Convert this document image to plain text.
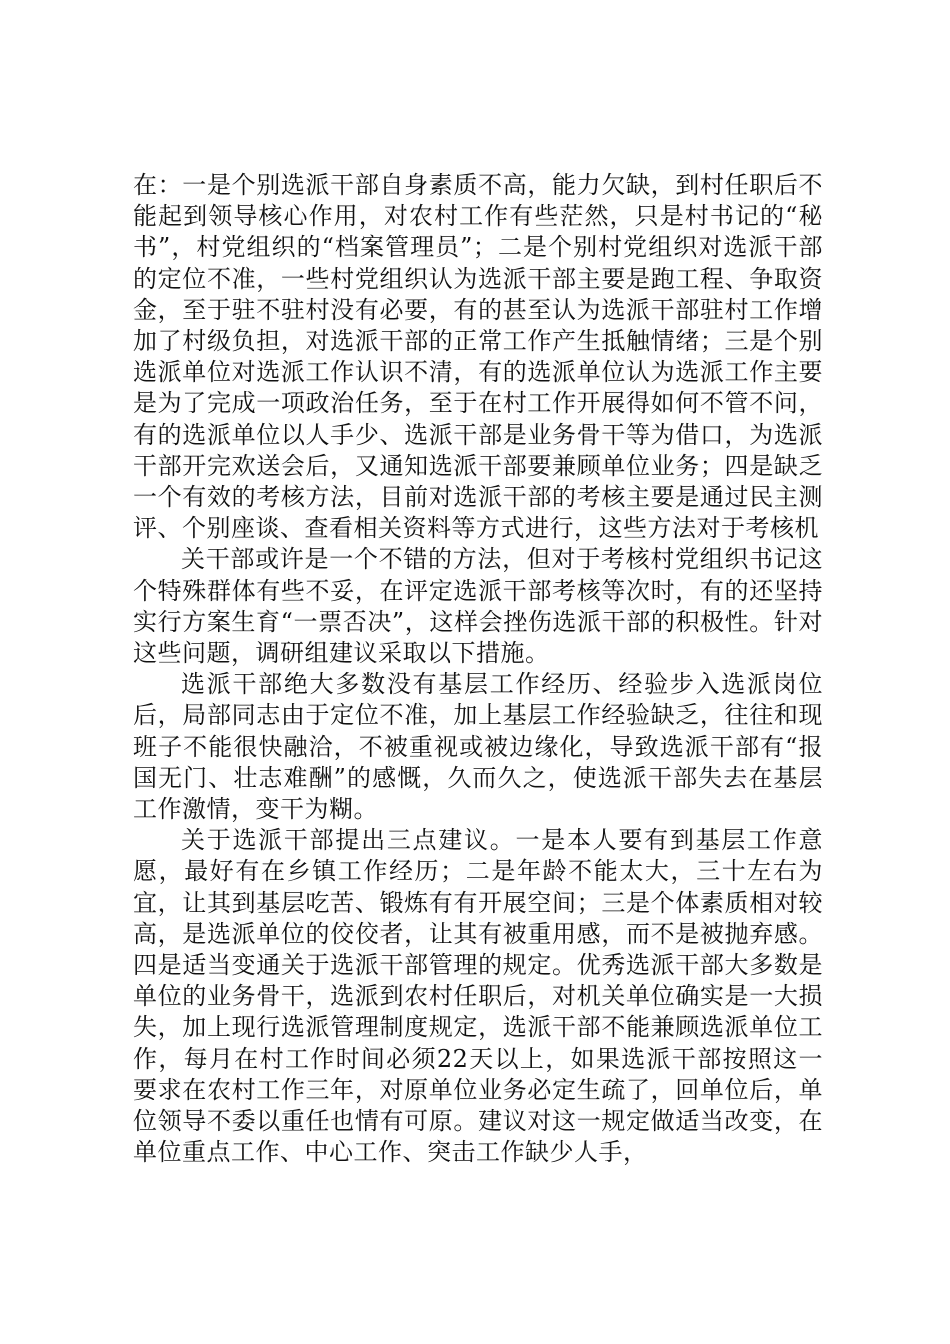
在：一是个别选派干部自身素质不高，能力欠缺，到村任职后不能起到领导核心作用，对农村工作有些茫然，只是村书记的“秘书”，村党组织的“档案管理员”；二是个别村党组织对选派干部的定位不准，一些村党组织认为选派干部主要是跑工程、争取资金，至于驻不驻村没有必要，有的甚至认为选派干部驻村工作增加了村级负担，对选派干部的正常工作产生抵触情绪；三是个别选派单位对选派工作认识不清，有的选派单位认为选派工作主要是为了完成一项政治任务，至于在村工作开展得如何不管不问，有的选派单位以人手少、选派干部是业务骨干等为借口，为选派干部开完欢送会后，又通知选派干部要兼顾单位业务；四是缺乏一个有效的考核方法，目前对选派干部的考核主要是通过民主测评、个别座谈、查看相关资料等方式进行，这些方法对于考核机

关干部或许是一个不错的方法，但对于考核村党组织书记这个特殊群体有些不妥，在评定选派干部考核等次时，有的还坚持实行方案生育“一票否决”，这样会挫伤选派干部的积极性。针对这些问题，调研组建议采取以下措施。

选派干部绝大多数没有基层工作经历、经验步入选派岗位后，局部同志由于定位不准，加上基层工作经验缺乏，往往和现班子不能很快融洽，不被重视或被边缘化，导致选派干部有“报国无门、壮志难酬”的感慨，久而久之，使选派干部失去在基层工作激情，变干为糊。

关于选派干部提出三点建议。一是本人要有到基层工作意愿，最好有在乡镇工作经历；二是年龄不能太大，三十左右为宜，让其到基层吃苦、锻炼有有开展空间；三是个体素质相对较高，是选派单位的佼佼者，让其有被重用感，而不是被抛弃感。四是适当变通关于选派干部管理的规定。优秀选派干部大多数是单位的业务骨干，选派到农村任职后，对机关单位确实是一大损失，加上现行选派管理制度规定，选派干部不能兼顾选派单位工作，每月在村工作时间必须22天以上，如果选派干部按照这一要求在农村工作三年，对原单位业务必定生疏了，回单位后，单位领导不委以重任也情有可原。建议对这一规定做适当改变，在单位重点工作、中心工作、突击工作缺少人手，
